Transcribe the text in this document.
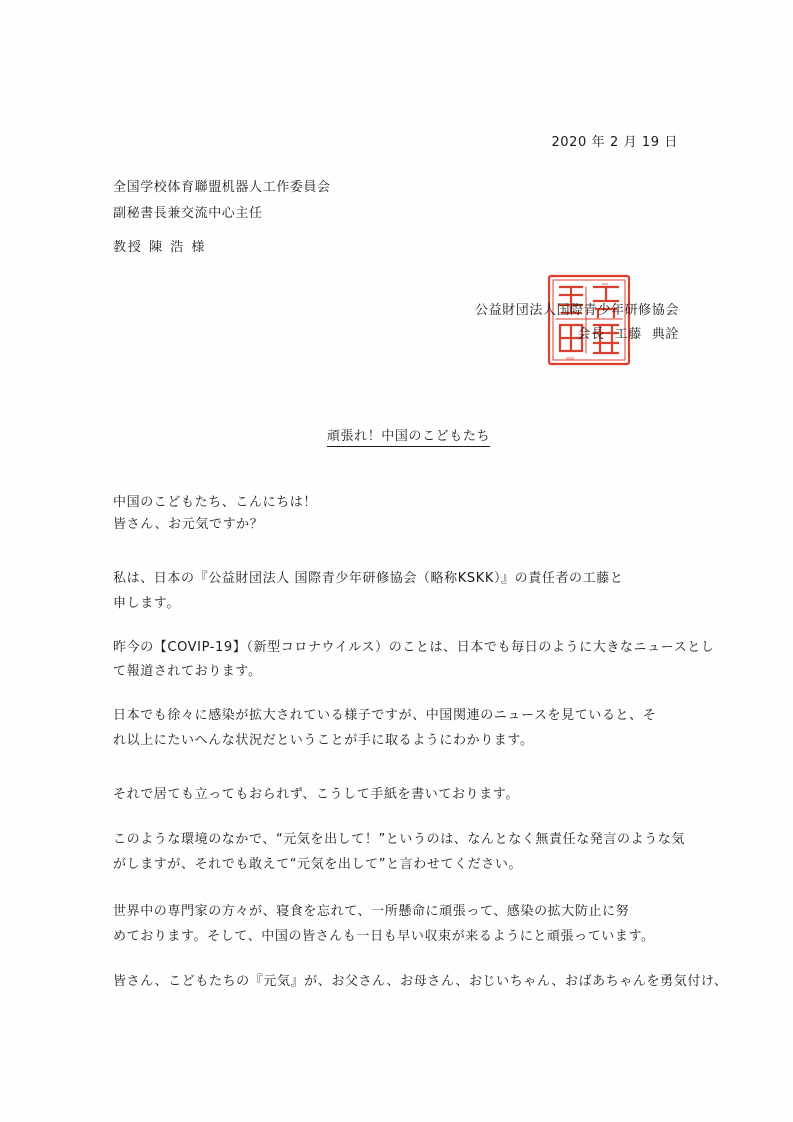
2020 年 2 月 19 日
全国学校体育聯盟机器人工作委員会
副秘書長兼交流中心主任
教授 陳 浩 様
公益財団法人国際青少年研修協会
会長 工藤 典詮
頑張れ！中国のこどもたち
中国のこどもたち、こんにちは！
皆さん、お元気ですか？
私は、日本の『公益財団法人 国際青少年研修協会（略称KSKK）』の責任者の工藤と
申します。
昨今の【COVIP-19】（新型コロナウイルス）のことは、日本でも毎日のように大きなニュースとし
て報道されております。
日本でも徐々に感染が拡大されている様子ですが、中国関連のニュースを見ていると、そ
れ以上にたいへんな状況だということが手に取るようにわかります。
それで居ても立ってもおられず、こうして手紙を書いております。
このような環境のなかで、“元気を出して！”というのは、なんとなく無責任な発言のような気
がしますが、それでも敢えて“元気を出して”と言わせてください。
世界中の専門家の方々が、寝食を忘れて、一所懸命に頑張って、感染の拡大防止に努
めております。そして、中国の皆さんも一日も早い収束が来るようにと頑張っています。
皆さん、こどもたちの『元気』が、お父さん、お母さん、おじいちゃん、おばあちゃんを勇気付け、
